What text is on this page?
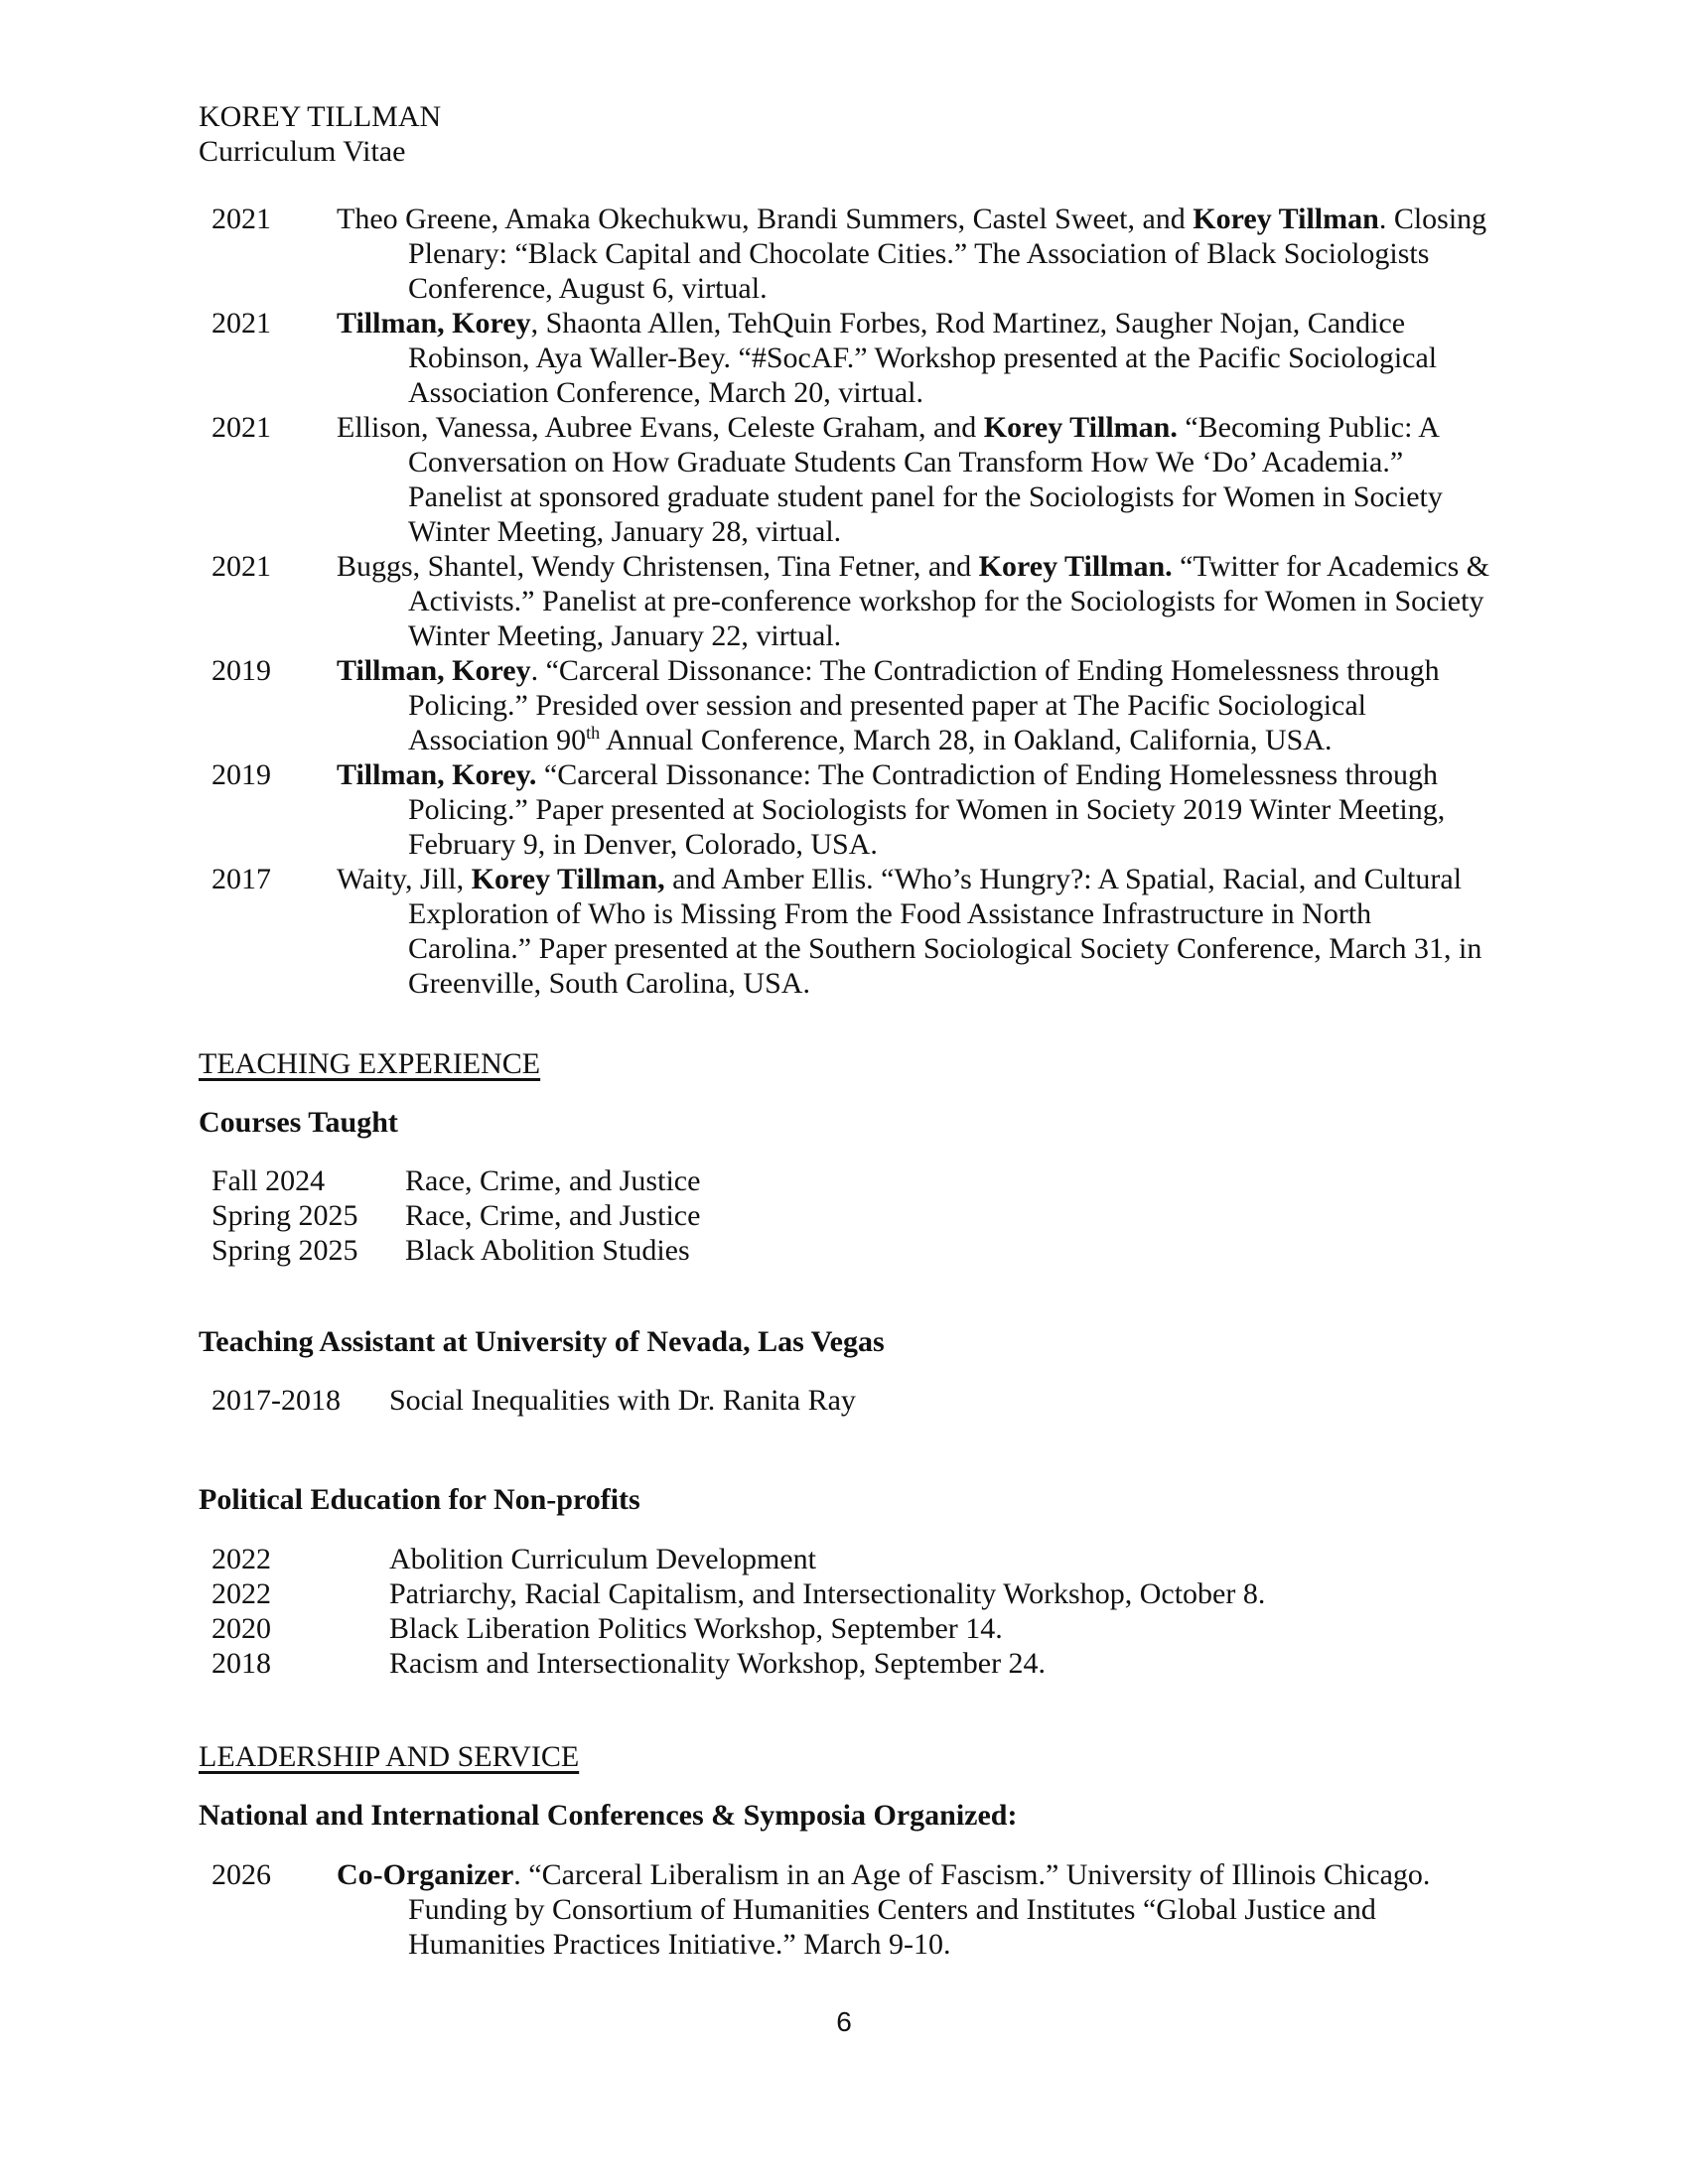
KOREY TILLMAN
Curriculum Vitae

2021 Theo Greene, Amaka Okechukwu, Brandi Summers, Castel Sweet, and Korey Tillman. Closing Plenary: “Black Capital and Chocolate Cities.” The Association of Black Sociologists Conference, August 6, virtual.

2021 Tillman, Korey, Shaonta Allen, TehQuin Forbes, Rod Martinez, Saugher Nojan, Candice Robinson, Aya Waller-Bey. “#SocAF.” Workshop presented at the Pacific Sociological Association Conference, March 20, virtual.

2021 Ellison, Vanessa, Aubree Evans, Celeste Graham, and Korey Tillman. “Becoming Public: A Conversation on How Graduate Students Can Transform How We ‘Do’ Academia.” Panelist at sponsored graduate student panel for the Sociologists for Women in Society Winter Meeting, January 28, virtual.

2021 Buggs, Shantel, Wendy Christensen, Tina Fetner, and Korey Tillman. “Twitter for Academics & Activists.” Panelist at pre-conference workshop for the Sociologists for Women in Society Winter Meeting, January 22, virtual.

2019 Tillman, Korey. “Carceral Dissonance: The Contradiction of Ending Homelessness through Policing.” Presided over session and presented paper at The Pacific Sociological Association 90th Annual Conference, March 28, in Oakland, California, USA.

2019 Tillman, Korey. “Carceral Dissonance: The Contradiction of Ending Homelessness through Policing.” Paper presented at Sociologists for Women in Society 2019 Winter Meeting, February 9, in Denver, Colorado, USA.

2017 Waity, Jill, Korey Tillman, and Amber Ellis. “Who’s Hungry?: A Spatial, Racial, and Cultural Exploration of Who is Missing From the Food Assistance Infrastructure in North Carolina.” Paper presented at the Southern Sociological Society Conference, March 31, in Greenville, South Carolina, USA.

TEACHING EXPERIENCE
Courses Taught
Fall 2024	Race, Crime, and Justice
Spring 2025 Race, Crime, and Justice
Spring 2025 Black Abolition Studies
Teaching Assistant at University of Nevada, Las Vegas
2017-2018 Social Inequalities with Dr. Ranita Ray
Political Education for Non-profits
2022	Abolition Curriculum Development
2022	Patriarchy, Racial Capitalism, and Intersectionality Workshop, October 8.
2020	Black Liberation Politics Workshop, September 14.
2018	Racism and Intersectionality Workshop, September 24.
LEADERSHIP AND SERVICE
National and International Conferences & Symposia Organized:

2026 Co-Organizer. “Carceral Liberalism in an Age of Fascism.” University of Illinois Chicago. Funding by Consortium of Humanities Centers and Institutes “Global Justice and Humanities Practices Initiative.” March 9-10.

6
